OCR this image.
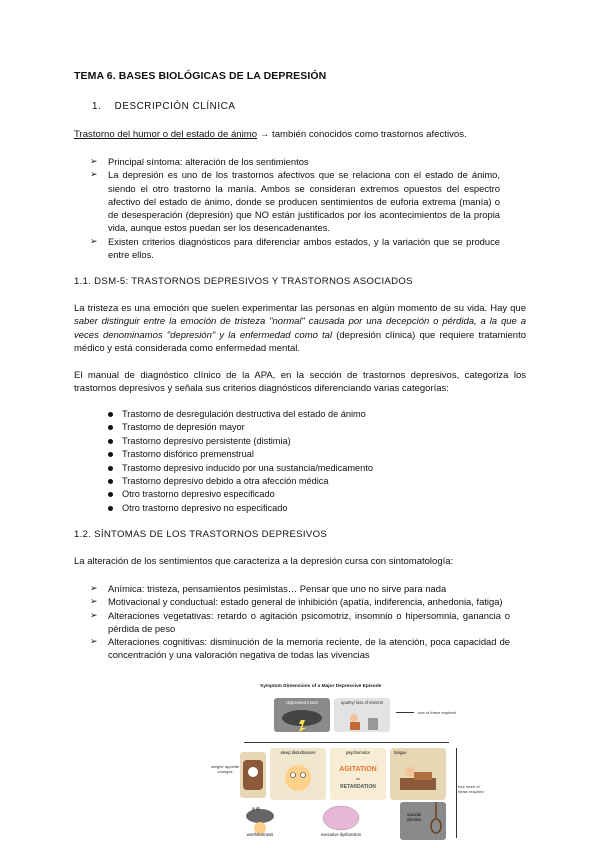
TEMA 6. BASES BIOLÓGICAS DE LA DEPRESIÓN
1. DESCRIPCIÓN CLÍNICA
Trastorno del humor o del estado de ánimo → también conocidos como trastornos afectivos.
➢ Principal síntoma: alteración de los sentimientos
➢ La depresión es uno de los trastornos afectivos que se relaciona con el estado de ánimo, siendo el otro trastorno la manía. Ambos se consideran extremos opuestos del espectro afectivo del estado de ánimo, donde se producen sentimientos de euforia extrema (manía) o de desesperación (depresión) que NO están justificados por los acontecimientos de la propia vida, aunque estos puedan ser los desencadenantes.
➢ Existen criterios diagnósticos para diferenciar ambos estados, y la variación que se produce entre ellos.
1.1. DSM-5: TRASTORNOS DEPRESIVOS Y TRASTORNOS ASOCIADOS
La tristeza es una emoción que suelen experimentar las personas en algún momento de su vida. Hay que saber distinguir entre la emoción de tristeza "normal" causada por una decepción o pérdida, a la que a veces denominamos "depresión" y la enfermedad como tal (depresión clínica) que requiere tratamiento médico y está considerada como enfermedad mental.
El manual de diagnóstico clínico de la APA, en la sección de trastornos depresivos, categoriza los trastornos depresivos y señala sus criterios diagnósticos diferenciando varias categorías:
Trastorno de desregulación destructiva del estado de ánimo
Trastorno de depresión mayor
Trastorno depresivo persistente (distimia)
Trastorno disfórico premenstrual
Trastorno depresivo inducido por una sustancia/medicamento
Trastorno depresivo debido a otra afección médica
Otro trastorno depresivo especificado
Otro trastorno depresivo no especificado
1.2. SÍNTOMAS DE LOS TRASTORNOS DEPRESIVOS
La alteración de los sentimientos que caracteriza a la depresión cursa con sintomatología:
➢ Anímica: tristeza, pensamientos pesimistas… Pensar que uno no sirve para nada
➢ Motivacional y conductual: estado general de inhibición (apatía, indiferencia, anhedonia, fatiga)
➢ Alteraciones vegetativas: retardo o agitación psicomotriz, insomnio o hipersomnia, ganancia o pérdida de peso
➢ Alteraciones cognitivas: disminución de la memoria reciente, de la atención, poca capacidad de concentración y una valoración negativa de todas las vivencias
Symptom Dimensions of a Major Depressive Episode
depressed mood	apathy/ loss of interest
one of these required
weight/ appetite changes
sleep disturbances	psychomotor
AGITATION
or
RETARDATION
fatigue
guilt
worthlessness	executive dysfunction
suicidal ideation
four more of these required
